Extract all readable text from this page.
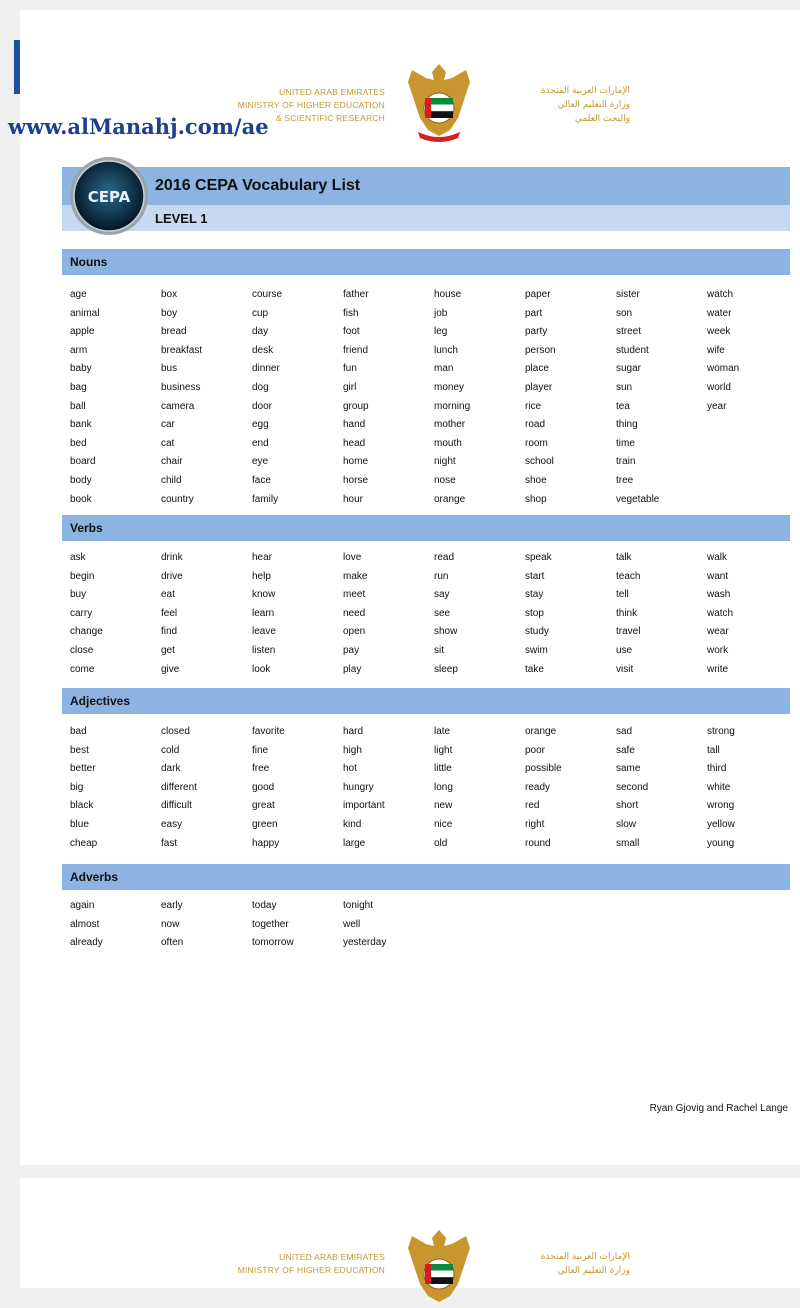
www.alManahj.com/ae
UNITED ARAB EMIRATES
MINISTRY OF HIGHER EDUCATION
& SCIENTIFIC RESEARCH
الإمارات العربية المتحدة
وزارة التعليم العالي
والبحث العلمي
CEPA
2016 CEPA Vocabulary List
LEVEL 1
Nouns
age	box	course	father	house	paper	sister	watch
animal	boy	cup	fish	job	part	son	water
apple	bread	day	foot	leg	party	street	week
arm	breakfast	desk	friend	lunch	person	student	wife
baby	bus	dinner	fun	man	place	sugar	woman
bag	business	dog	girl	money	player	sun	world
ball	camera	door	group	morning	rice	tea	year
bank	car	egg	hand	mother	road	thing
bed	cat	end	head	mouth	room	time
board	chair	eye	home	night	school	train
body	child	face	horse	nose	shoe	tree
book	country	family	hour	orange	shop	vegetable
Verbs
ask	drink	hear	love	read	speak	talk	walk
begin	drive	help	make	run	start	teach	want
buy	eat	know	meet	say	stay	tell	wash
carry	feel	learn	need	see	stop	think	watch
change	find	leave	open	show	study	travel	wear
close	get	listen	pay	sit	swim	use	work
come	give	look	play	sleep	take	visit	write
Adjectives
bad	closed	favorite	hard	late	orange	sad	strong
best	cold	fine	high	light	poor	safe	tall
better	dark	free	hot	little	possible	same	third
big	different	good	hungry	long	ready	second	white
black	difficult	great	important	new	red	short	wrong
blue	easy	green	kind	nice	right	slow	yellow
cheap	fast	happy	large	old	round	small	young
Adverbs
again	early	today	tonight
almost	now	together	well
already	often	tomorrow	yesterday
Ryan Gjovig and Rachel Lange
UNITED ARAB EMIRATES
MINISTRY OF HIGHER EDUCATION
الإمارات العربية المتحدة
وزارة التعليم العالي
